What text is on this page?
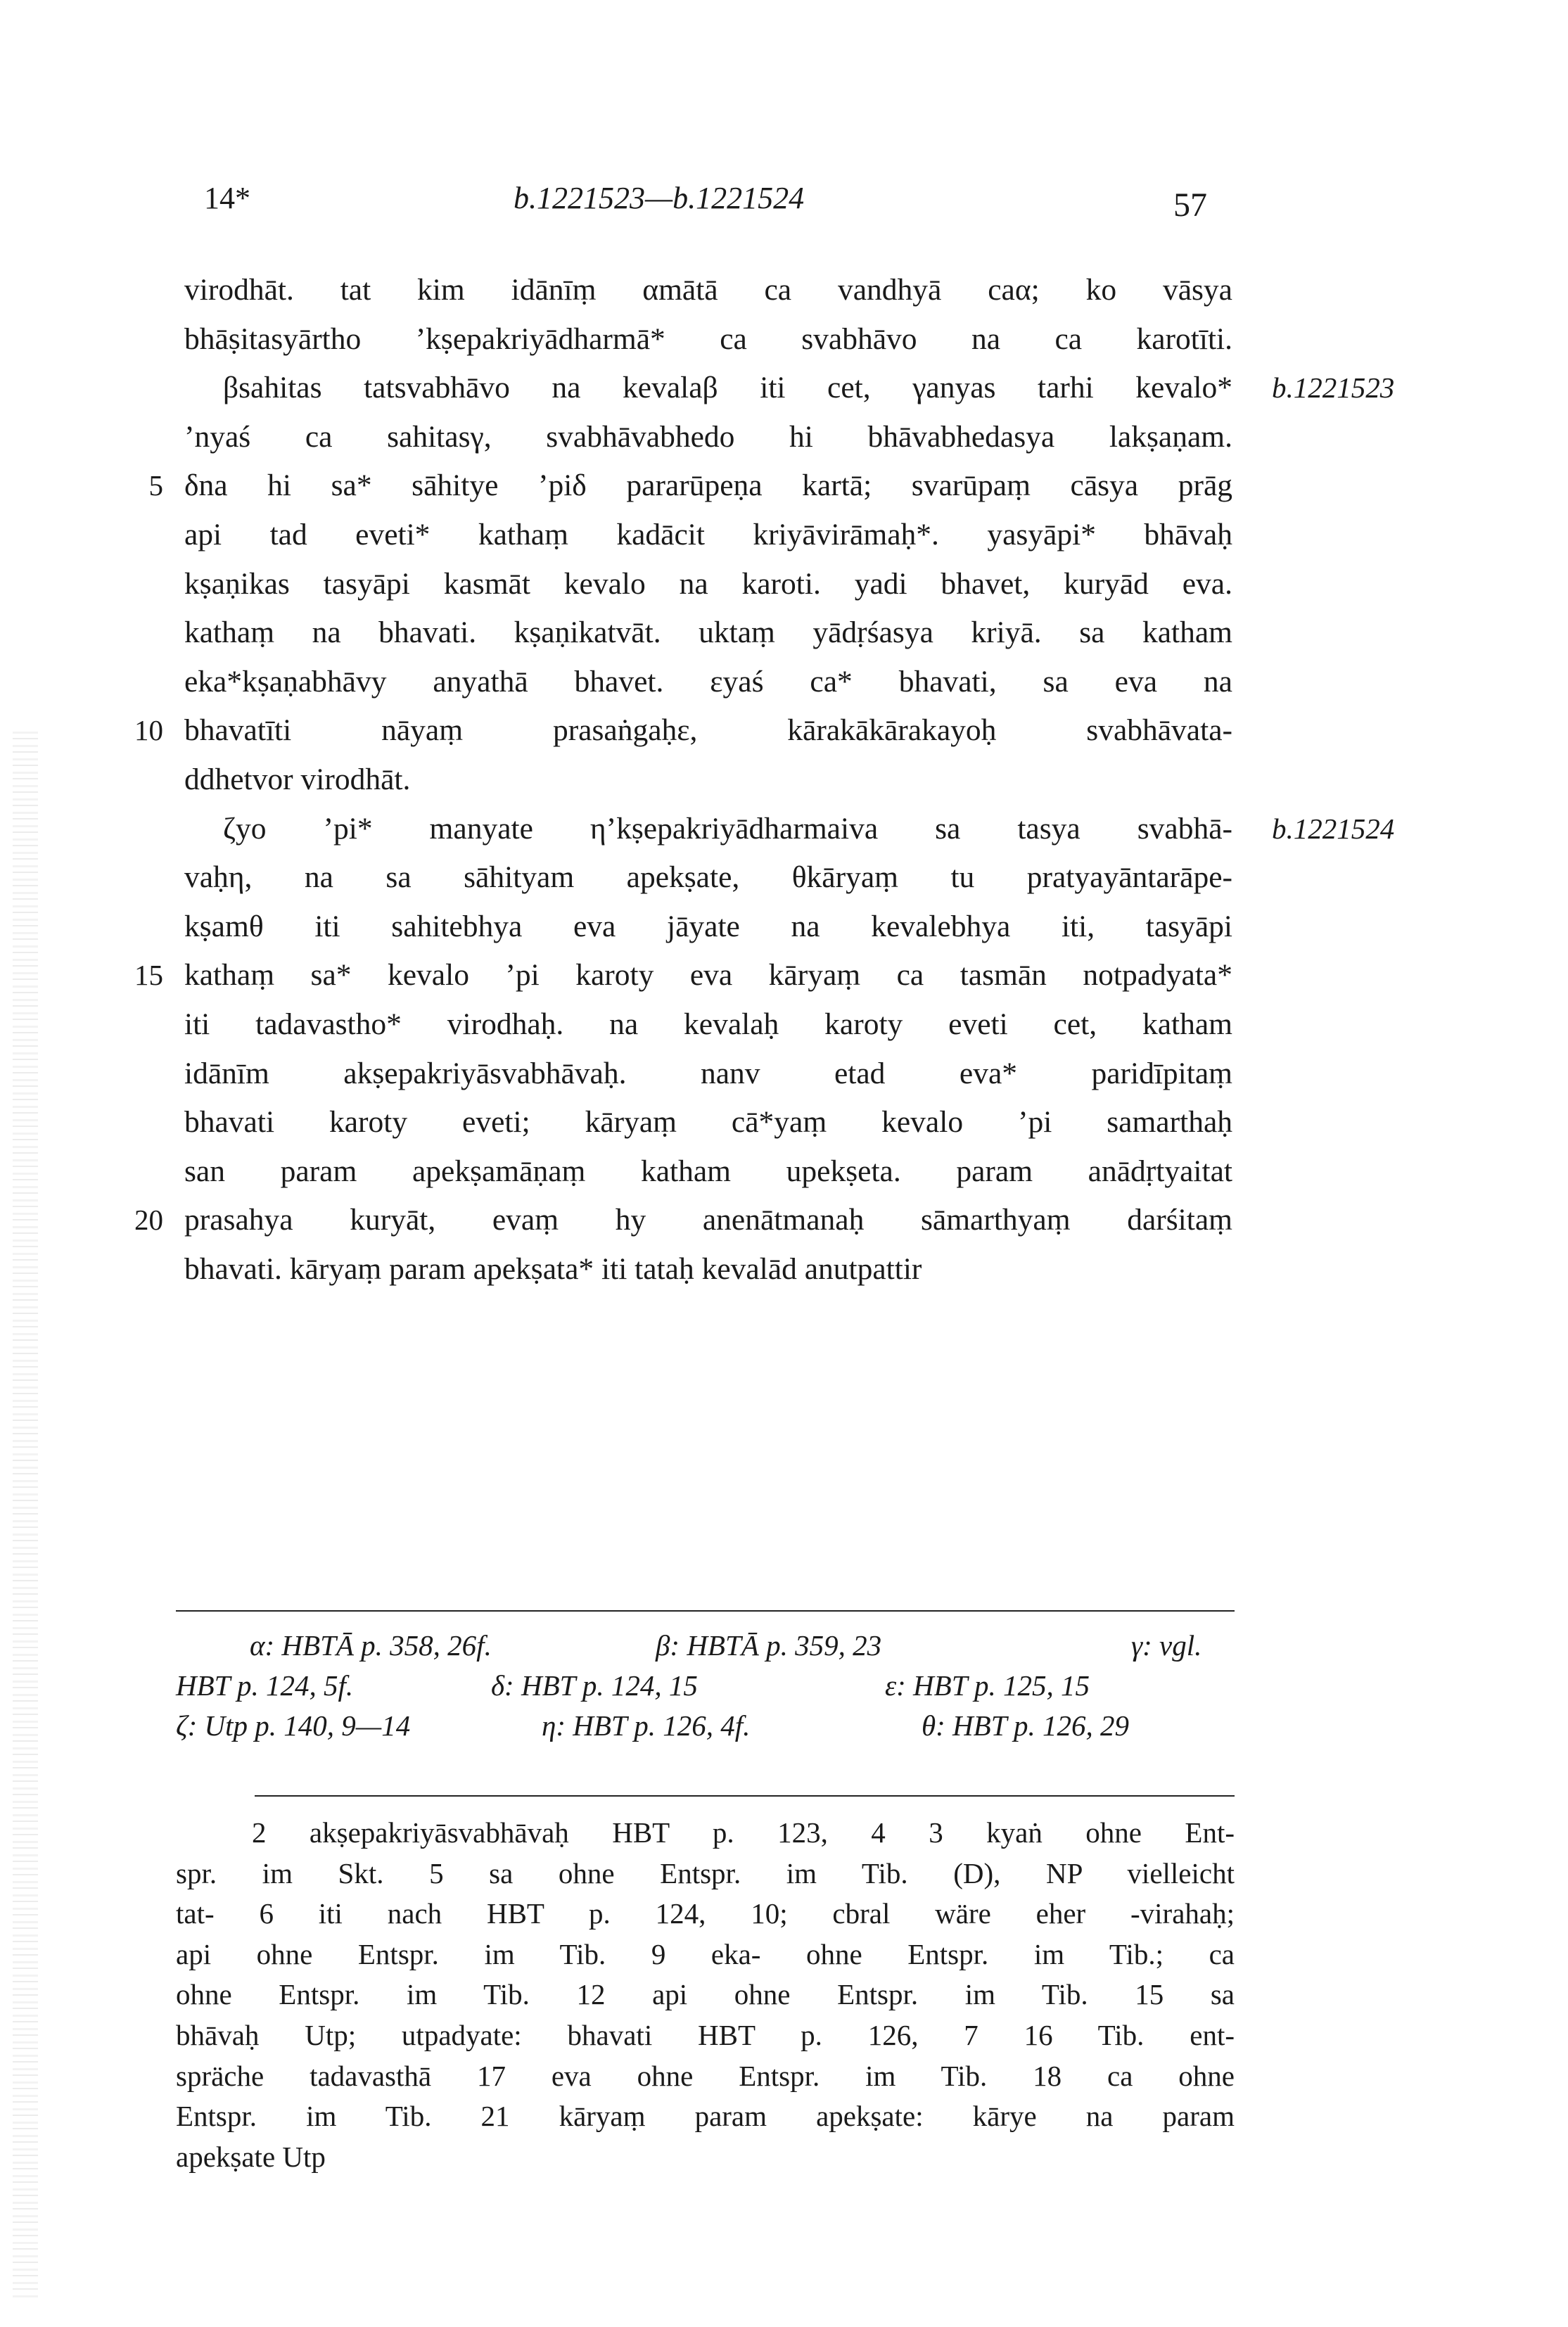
14*	b.1221523—b.1221524	57
virodhāt. tat kim idānīṃ αmātā ca vandhyā caα; ko vāsya
bhāṣitasyārtho ’kṣepakriyādharmā* ca svabhāvo na ca karotīti.
βsahitas tatsvabhāvo na kevalaβ iti cet, γanyas tarhi kevalo* b.1221523
’nyaś ca sahitasγ, svabhāvabhedo hi bhāvabhedasya lakṣaṇam.
5 δna hi sa* sāhitye ’piδ pararūpeṇa kartā; svarūpaṃ cāsya prāg
api tad eveti* kathaṃ kadācit kriyāvirāmaḥ*. yasyāpi* bhāvaḥ
kṣaṇikas tasyāpi kasmāt kevalo na karoti. yadi bhavet, kuryād eva.
kathaṃ na bhavati. kṣaṇikatvāt. uktaṃ yādṛśasya kriyā. sa katham
eka*kṣaṇabhāvy anyathā bhavet. εyaś ca* bhavati, sa eva na
10 bhavatīti nāyaṃ prasaṅgaḥε, kārakākārakayoḥ svabhāvata-
ddhetvor virodhāt.
ζyo ’pi* manyate η’kṣepakriyādharmaiva sa tasya svabhā- b.1221524
vaḥη, na sa sāhityam apekṣate, θkāryaṃ tu pratyayāntarāpe-
kṣamθ iti sahitebhya eva jāyate na kevalebhya iti, tasyāpi
15 kathaṃ sa* kevalo ’pi karoty eva kāryaṃ ca tasmān notpadyata*
iti tadavastho* virodhaḥ. na kevalaḥ karoty eveti cet, katham
idānīm akṣepakriyāsvabhāvaḥ. nanv etad eva* paridīpitaṃ
bhavati karoty eveti; kāryaṃ cā*yaṃ kevalo ’pi samarthaḥ
san param apekṣamāṇaṃ katham upekṣeta. param anādṛtyaitat
20 prasahya kuryāt, evaṃ hy anenātmanaḥ sāmarthyaṃ darśitaṃ
bhavati. kāryaṃ param apekṣata* iti tataḥ kevalād anutpattir
α: HBTĀ p. 358, 26f.	β: HBTĀ p. 359, 23	γ: vgl.
HBT p. 124, 5f.	δ: HBT p. 124, 15	ε: HBT p. 125, 15
ζ: Utp p. 140, 9—14	η: HBT p. 126, 4f.	θ: HBT p. 126, 29
2 akṣepakriyāsvabhāvaḥ HBT p. 123, 4 3 kyaṅ ohne Ent-
spr. im Skt. 5 sa ohne Entspr. im Tib. (D), NP vielleicht
tat- 6 iti nach HBT p. 124, 10; cbral wäre eher -virahaḥ;
api ohne Entspr. im Tib. 9 eka- ohne Entspr. im Tib.; ca
ohne Entspr. im Tib. 12 api ohne Entspr. im Tib. 15 sa
bhāvaḥ Utp; utpadyate: bhavati HBT p. 126, 7 16 Tib. ent-
spräche tadavasthā 17 eva ohne Entspr. im Tib. 18 ca ohne
Entspr. im Tib. 21 kāryaṃ param apekṣate: kārye na param
apekṣate Utp
